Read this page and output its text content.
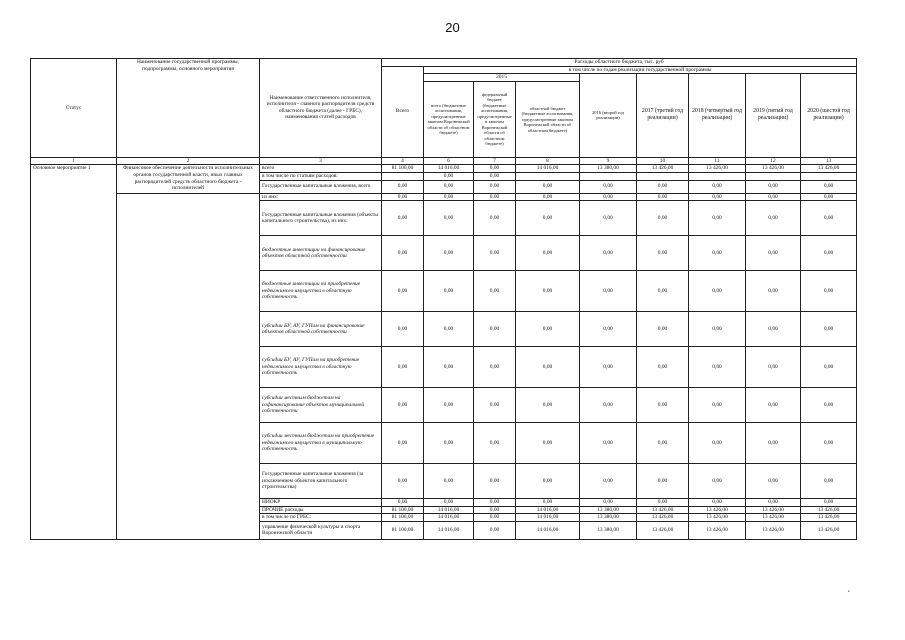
20
Статус	Наименование государственной программы, подпрограммы, основного мероприятия	Наименование ответственного исполнителя, исполнителя - главного распорядителя средств областного бюджета (далее - ГРБС), наименования статей расходов	Расходы областного бюджета, тыс. руб								
			Всего	в том числе по годам реализации государственной программы							
				2015			2016 (второй год реализации)	2017 (третий год реализации)	2018 (четвертый год реализации)	2019 (пятый год реализации)	2020 (шестой год реализации)
				всего (бюджетные ассигнования, предусмотренные законом Воронежской области об областном бюджете)	федеральный бюджет (бюджетные ассигнования, предусмотренные в законом Воронежской области об областном бюджете)	областной бюджет (бюджетные ассигнования, предусмотренные законом Воронежской области об областном бюджете)					

1	2	3	4	6	7	8	9	10	11	12	13
Основное мероприятие 1	Финансовое обеспечение деятельности исполнительных органов государственной власти, иных главных распорядителей средств областного бюджета - исполнителей	всего	81 100,00	14 016,00	0,00	14 016,00	13 380,00	13 426,00	13 426,00	13 426,00	13 426,00
		в том числе по статьям расходов:		0,00	0,00						
		Государственные капитальные вложения, всего	0,00	0,00	0,00	0,00	0,00	0,00	0,00	0,00	0,00
		из них:	0,00	0,00	0,00	0,00	0,00	0,00	0,00	0,00	0,00
		Государственные капитальные вложения (объекты капитального строительства), из них:	0,00	0,00	0,00	0,00	0,00	0,00	0,00	0,00	0,00
		бюджетные инвестиции на финансирование объектов областной собственности	0,00	0,00	0,00	0,00	0,00	0,00	0,00	0,00	0,00
		бюджетные инвестиции на приобретение недвижимого имущества в областную собственность	0,00	0,00	0,00	0,00	0,00	0,00	0,00	0,00	0,00
		субсидии БУ, АУ, ГУПам на финансирование объектов областной собственности	0,00	0,00	0,00	0,00	0,00	0,00	0,00	0,00	0,00
		субсидии БУ, АУ, ГУПам на приобретение недвижимого имущества в областную собственность	0,00	0,00	0,00	0,00	0,00	0,00	0,00	0,00	0,00
		субсидии местным бюджетам на софинансирование объектов муниципальной собственности	0,00	0,00	0,00	0,00	0,00	0,00	0,00	0,00	0,00
		субсидии местным бюджетам на приобретение недвижимого имущества в муниципальную собственность	0,00	0,00	0,00	0,00	0,00	0,00	0,00	0,00	0,00
		Государственные капитальные вложения (за исключением объектов капитального строительства)	0,00	0,00	0,00	0,00	0,00	0,00	0,00	0,00	0,00
		НИОКР	0,00	0,00	0,00	0,00	0,00	0,00	0,00	0,00	0,00
		ПРОЧИЕ расходы	81 100,00	14 016,00	0,00	14 016,00	13 380,00	13 426,00	13 426,00	13 426,00	13 426,00
		в том числе по ГРБС:	81 100,00	14 016,00	0,00	14 016,00	13 380,00	13 426,00	13 426,00	13 426,00	13 426,00
		управление физической культуры и спорта Воронежской области	81 100,00	14 016,00	0,00	14 016,00	13 380,00	13 426,00	13 426,00	13 426,00	13 426,00
•
